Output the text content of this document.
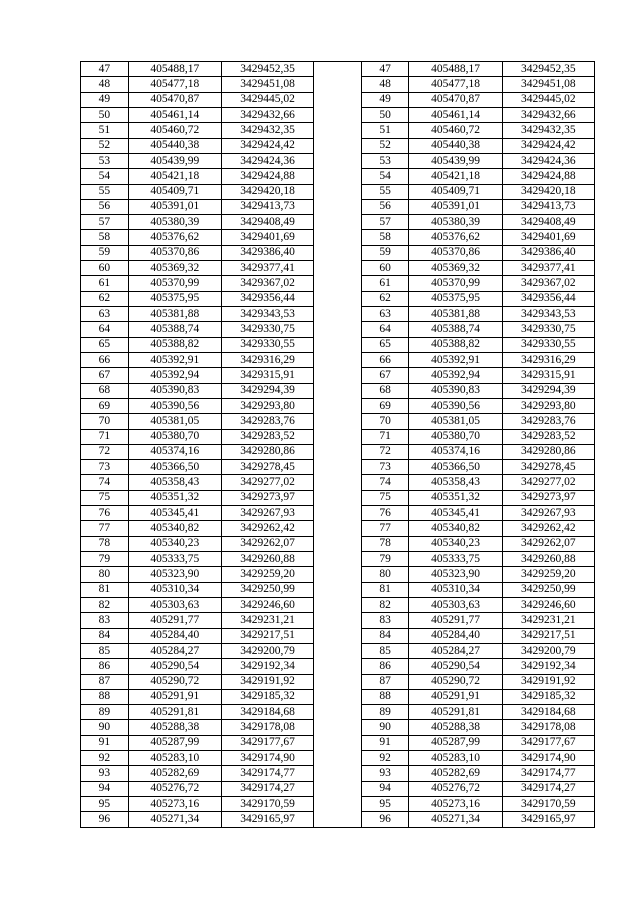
47	405488,17	3429452,35		47	405488,17	3429452,35
48	405477,18	3429451,08		48	405477,18	3429451,08
49	405470,87	3429445,02		49	405470,87	3429445,02
50	405461,14	3429432,66		50	405461,14	3429432,66
51	405460,72	3429432,35		51	405460,72	3429432,35
52	405440,38	3429424,42		52	405440,38	3429424,42
53	405439,99	3429424,36		53	405439,99	3429424,36
54	405421,18	3429424,88		54	405421,18	3429424,88
55	405409,71	3429420,18		55	405409,71	3429420,18
56	405391,01	3429413,73		56	405391,01	3429413,73
57	405380,39	3429408,49		57	405380,39	3429408,49
58	405376,62	3429401,69		58	405376,62	3429401,69
59	405370,86	3429386,40		59	405370,86	3429386,40
60	405369,32	3429377,41		60	405369,32	3429377,41
61	405370,99	3429367,02		61	405370,99	3429367,02
62	405375,95	3429356,44		62	405375,95	3429356,44
63	405381,88	3429343,53		63	405381,88	3429343,53
64	405388,74	3429330,75		64	405388,74	3429330,75
65	405388,82	3429330,55		65	405388,82	3429330,55
66	405392,91	3429316,29		66	405392,91	3429316,29
67	405392,94	3429315,91		67	405392,94	3429315,91
68	405390,83	3429294,39		68	405390,83	3429294,39
69	405390,56	3429293,80		69	405390,56	3429293,80
70	405381,05	3429283,76		70	405381,05	3429283,76
71	405380,70	3429283,52		71	405380,70	3429283,52
72	405374,16	3429280,86		72	405374,16	3429280,86
73	405366,50	3429278,45		73	405366,50	3429278,45
74	405358,43	3429277,02		74	405358,43	3429277,02
75	405351,32	3429273,97		75	405351,32	3429273,97
76	405345,41	3429267,93		76	405345,41	3429267,93
77	405340,82	3429262,42		77	405340,82	3429262,42
78	405340,23	3429262,07		78	405340,23	3429262,07
79	405333,75	3429260,88		79	405333,75	3429260,88
80	405323,90	3429259,20		80	405323,90	3429259,20
81	405310,34	3429250,99		81	405310,34	3429250,99
82	405303,63	3429246,60		82	405303,63	3429246,60
83	405291,77	3429231,21		83	405291,77	3429231,21
84	405284,40	3429217,51		84	405284,40	3429217,51
85	405284,27	3429200,79		85	405284,27	3429200,79
86	405290,54	3429192,34		86	405290,54	3429192,34
87	405290,72	3429191,92		87	405290,72	3429191,92
88	405291,91	3429185,32		88	405291,91	3429185,32
89	405291,81	3429184,68		89	405291,81	3429184,68
90	405288,38	3429178,08		90	405288,38	3429178,08
91	405287,99	3429177,67		91	405287,99	3429177,67
92	405283,10	3429174,90		92	405283,10	3429174,90
93	405282,69	3429174,77		93	405282,69	3429174,77
94	405276,72	3429174,27		94	405276,72	3429174,27
95	405273,16	3429170,59		95	405273,16	3429170,59
96	405271,34	3429165,97		96	405271,34	3429165,97
